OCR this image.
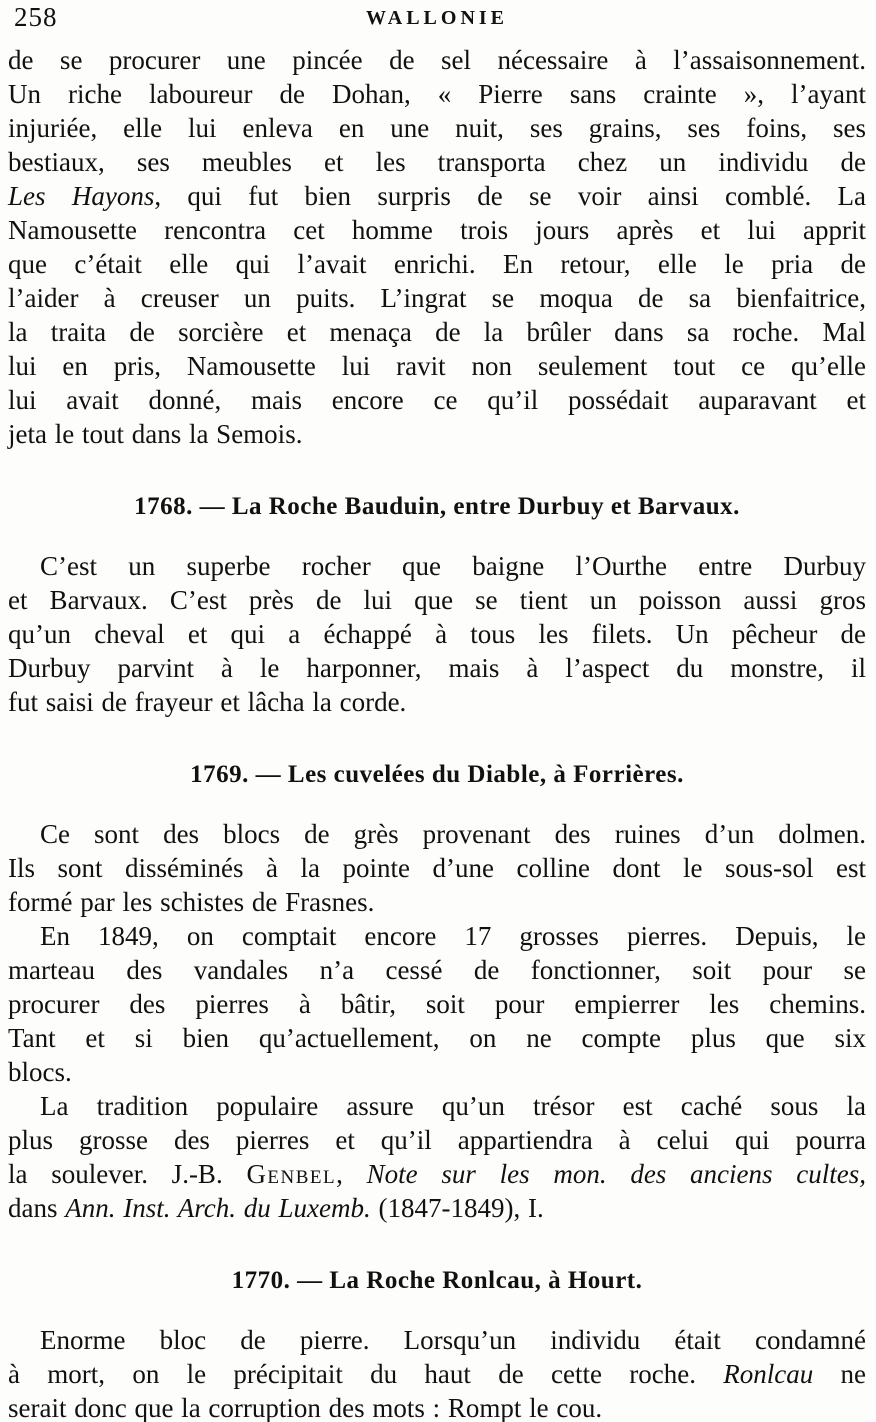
258	WALLONIE
de se procurer une pincée de sel nécessaire à l’assaisonnement.
Un riche laboureur de Dohan, « Pierre sans crainte », l’ayant
injuriée, elle lui enleva en une nuit, ses grains, ses foins, ses
bestiaux, ses meubles et les transporta chez un individu de
Les Hayons, qui fut bien surpris de se voir ainsi comblé. La
Namousette rencontra cet homme trois jours après et lui apprit
que c’était elle qui l’avait enrichi. En retour, elle le pria de
l’aider à creuser un puits. L’ingrat se moqua de sa bienfaitrice,
la traita de sorcière et menaça de la brûler dans sa roche. Mal
lui en pris, Namousette lui ravit non seulement tout ce qu’elle
lui avait donné, mais encore ce qu’il possédait auparavant et
jeta le tout dans la Semois.
1768. — La Roche Bauduin, entre Durbuy et Barvaux.
C’est un superbe rocher que baigne l’Ourthe entre Durbuy
et Barvaux. C’est près de lui que se tient un poisson aussi gros
qu’un cheval et qui a échappé à tous les filets. Un pêcheur de
Durbuy parvint à le harponner, mais à l’aspect du monstre, il
fut saisi de frayeur et lâcha la corde.
1769. — Les cuvelées du Diable, à Forrières.
Ce sont des blocs de grès provenant des ruines d’un dolmen.
Ils sont disséminés à la pointe d’une colline dont le sous-sol est
formé par les schistes de Frasnes.
En 1849, on comptait encore 17 grosses pierres. Depuis, le
marteau des vandales n’a cessé de fonctionner, soit pour se
procurer des pierres à bâtir, soit pour empierrer les chemins.
Tant et si bien qu’actuellement, on ne compte plus que six
blocs.
La tradition populaire assure qu’un trésor est caché sous la
plus grosse des pierres et qu’il appartiendra à celui qui pourra
la soulever. J.-B. Genbel, Note sur les mon. des anciens cultes,
dans Ann. Inst. Arch. du Luxemb. (1847-1849), I.
1770. — La Roche Ronlcau, à Hourt.
Enorme bloc de pierre. Lorsqu’un individu était condamné
à mort, on le précipitait du haut de cette roche. Ronlcau ne
serait donc que la corruption des mots : Rompt le cou.
